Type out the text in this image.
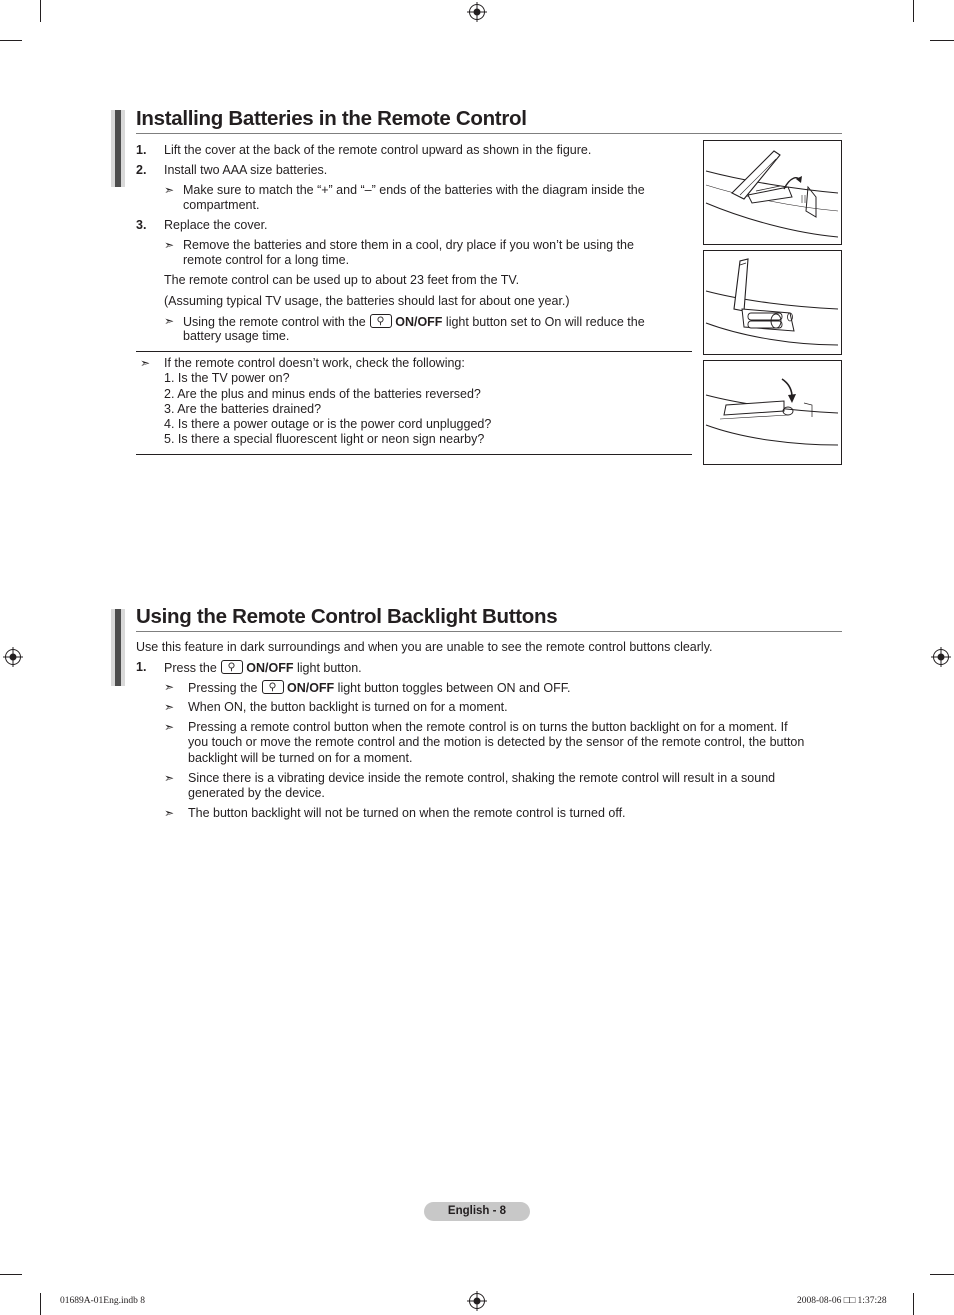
Installing Batteries in the Remote Control
1. Lift the cover at the back of the remote control upward as shown in the figure.
2. Install two AAA size batteries.
➣ Make sure to match the “+” and “–” ends of the batteries with the diagram inside the
compartment.
3. Replace the cover.
➣ Remove the batteries and store them in a cool, dry place if you won’t be using the
remote control for a long time.
The remote control can be used up to about 23 feet from the TV.
(Assuming typical TV usage, the batteries should last for about one year.)
➣ Using the remote control with the ON/OFF light button set to On will reduce the
battery usage time.
➣ If the remote control doesn’t work, check the following:
1. Is the TV power on?
2. Are the plus and minus ends of the batteries reversed?
3. Are the batteries drained?
4. Is there a power outage or is the power cord unplugged?
5. Is there a special fluorescent light or neon sign nearby?
Using the Remote Control Backlight Buttons
Use this feature in dark surroundings and when you are unable to see the remote control buttons clearly.
1. Press the ON/OFF light button.
➣ Pressing the ON/OFF light button toggles between ON and OFF.
➣ When ON, the button backlight is turned on for a moment.
➣ Pressing a remote control button when the remote control is on turns the button backlight on for a moment. If
you touch or move the remote control and the motion is detected by the sensor of the remote control, the button
backlight will be turned on for a moment.
➣ Since there is a vibrating device inside the remote control, shaking the remote control will result in a sound
generated by the device.
➣ The button backlight will not be turned on when the remote control is turned off.
English - 8
01689A-01Eng.indb 8	2008-08-06 □□ 1:37:28
